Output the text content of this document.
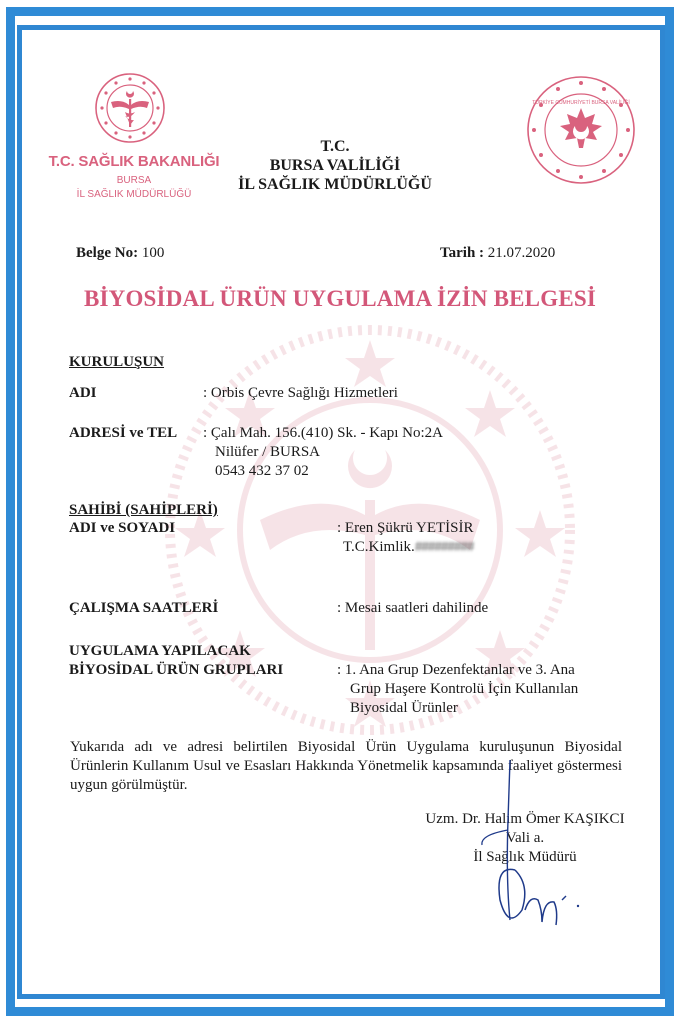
T.C. SAĞLIK BAKANLIĞI
BURSA
İL SAĞLIK MÜDÜRLÜĞÜ
T.C.
BURSA VALİLİĞİ
İL SAĞLIK MÜDÜRLÜĞÜ
TÜRKİYE CUMHURİYETİ BURSA VALİLİĞİ
Belge No: 100	Tarih : 21.07.2020
BİYOSİDAL ÜRÜN UYGULAMA İZİN BELGESİ
KURULUŞUN
ADI	: Orbis Çevre Sağlığı Hizmetleri
ADRESİ ve TEL : Çalı Mah. 156.(410) Sk. - Kapı No:2A
Nilüfer / BURSA
0543 432 37 02
SAHİBİ (SAHİPLERİ)
ADI ve SOYADI	: Eren Şükrü YETİSİR
T.C.Kimlik.#########
ÇALIŞMA SAATLERİ	: Mesai saatleri dahilinde
UYGULAMA YAPILACAK
BİYOSİDAL ÜRÜN GRUPLARI	: 1. Ana Grup Dezenfektanlar ve 3. Ana
Grup Haşere Kontrolü İçin Kullanılan
Biyosidal Ürünler
Yukarıda adı ve adresi belirtilen Biyosidal Ürün Uygulama kuruluşunun Biyosidal Ürünlerin Kullanım Usul ve Esasları Hakkında Yönetmelik kapsamında faaliyet göstermesi uygun görülmüştür.
Uzm. Dr. Halim Ömer KAŞIKCI
Vali a.
İl Sağlık Müdürü
